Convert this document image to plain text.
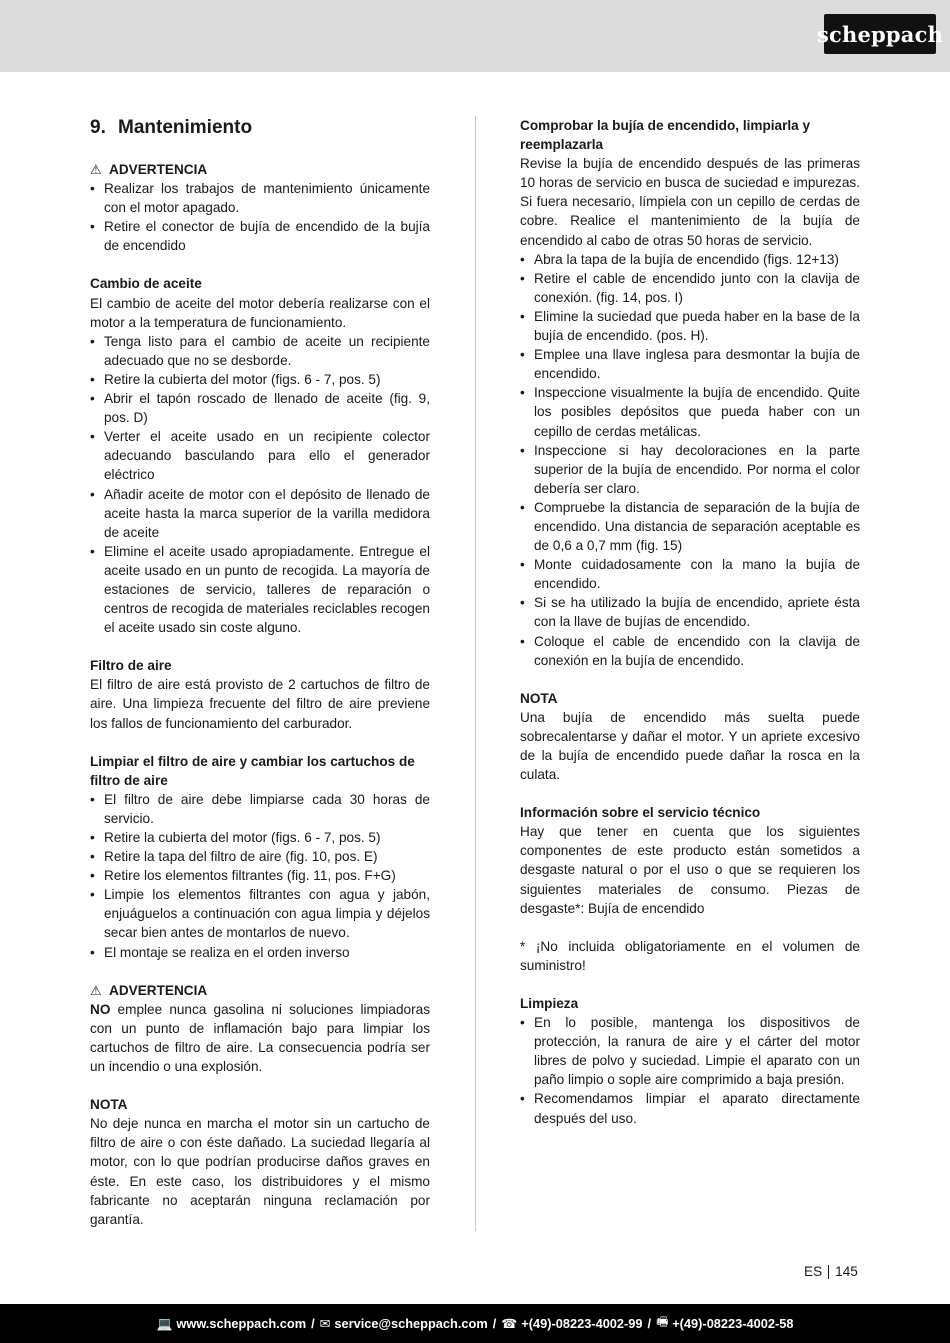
scheppach
9. Mantenimiento
⚠ ADVERTENCIA
• Realizar los trabajos de mantenimiento únicamente con el motor apagado.
• Retire el conector de bujía de encendido de la bujía de encendido
Cambio de aceite

El cambio de aceite del motor debería realizarse con el motor a la temperatura de funcionamiento.

• Tenga listo para el cambio de aceite un recipiente adecuado que no se desborde.
• Retire la cubierta del motor (figs. 6 - 7, pos. 5)
• Abrir el tapón roscado de llenado de aceite (fig. 9, pos. D)
• Verter el aceite usado en un recipiente colector adecuando basculando para ello el generador eléctrico
• Añadir aceite de motor con el depósito de llenado de aceite hasta la marca superior de la varilla medidora de aceite
• Elimine el aceite usado apropiadamente. Entregue el aceite usado en un punto de recogida. La mayoría de estaciones de servicio, talleres de reparación o centros de recogida de materiales reciclables recogen el aceite usado sin coste alguno.
Filtro de aire

El filtro de aire está provisto de 2 cartuchos de filtro de aire. Una limpieza frecuente del filtro de aire previene los fallos de funcionamiento del carburador.

Limpiar el filtro de aire y cambiar los cartuchos de filtro de aire
• El filtro de aire debe limpiarse cada 30 horas de servicio.
• Retire la cubierta del motor (figs. 6 - 7, pos. 5)
• Retire la tapa del filtro de aire (fig. 10, pos. E)
• Retire los elementos filtrantes (fig. 11, pos. F+G)
• Limpie los elementos filtrantes con agua y jabón, enjuáguelos a continuación con agua limpia y déjelos secar bien antes de montarlos de nuevo.
• El montaje se realiza en el orden inverso
⚠ ADVERTENCIA

NO emplee nunca gasolina ni soluciones limpiadoras con un punto de inflamación bajo para limpiar los cartuchos de filtro de aire. La consecuencia podría ser un incendio o una explosión.

NOTA

No deje nunca en marcha el motor sin un cartucho de filtro de aire o con éste dañado. La suciedad llegaría al motor, con lo que podrían producirse daños graves en éste. En este caso, los distribuidores y el mismo fabricante no aceptarán ninguna reclamación por garantía.

Comprobar la bujía de encendido, limpiarla y reemplazarla

Revise la bujía de encendido después de las primeras 10 horas de servicio en busca de suciedad e impurezas. Si fuera necesario, límpiela con un cepillo de cerdas de cobre. Realice el mantenimiento de la bujía de encendido al cabo de otras 50 horas de servicio.

• Abra la tapa de la bujía de encendido (figs. 12+13)
• Retire el cable de encendido junto con la clavija de conexión. (fig. 14, pos. I)
• Elimine la suciedad que pueda haber en la base de la bujía de encendido. (pos. H).
• Emplee una llave inglesa para desmontar la bujía de encendido.
• Inspeccione visualmente la bujía de encendido. Quite los posibles depósitos que pueda haber con un cepillo de cerdas metálicas.
• Inspeccione si hay decoloraciones en la parte superior de la bujía de encendido. Por norma el color debería ser claro.
• Compruebe la distancia de separación de la bujía de encendido. Una distancia de separación aceptable es de 0,6 a 0,7 mm (fig. 15)
• Monte cuidadosamente con la mano la bujía de encendido.
• Si se ha utilizado la bujía de encendido, apriete ésta con la llave de bujías de encendido.
• Coloque el cable de encendido con la clavija de conexión en la bujía de encendido.
NOTA

Una bujía de encendido más suelta puede sobrecalentarse y dañar el motor. Y un apriete excesivo de la bujía de encendido puede dañar la rosca en la culata.

Información sobre el servicio técnico

Hay que tener en cuenta que los siguientes componentes de este producto están sometidos a desgaste natural o por el uso o que se requieren los siguientes materiales de consumo. Piezas de desgaste*: Bujía de encendido

* ¡No incluida obligatoriamente en el volumen de suministro!

Limpieza
• En lo posible, mantenga los dispositivos de protección, la ranura de aire y el cárter del motor libres de polvo y suciedad. Limpie el aparato con un paño limpio o sople aire comprimido a baja presión.
• Recomendamos limpiar el aparato directamente después del uso.
ES 145
💻 www.scheppach.com / ✉ service@scheppach.com / ☎ +(49)-08223-4002-99 / 🖷 +(49)-08223-4002-58
